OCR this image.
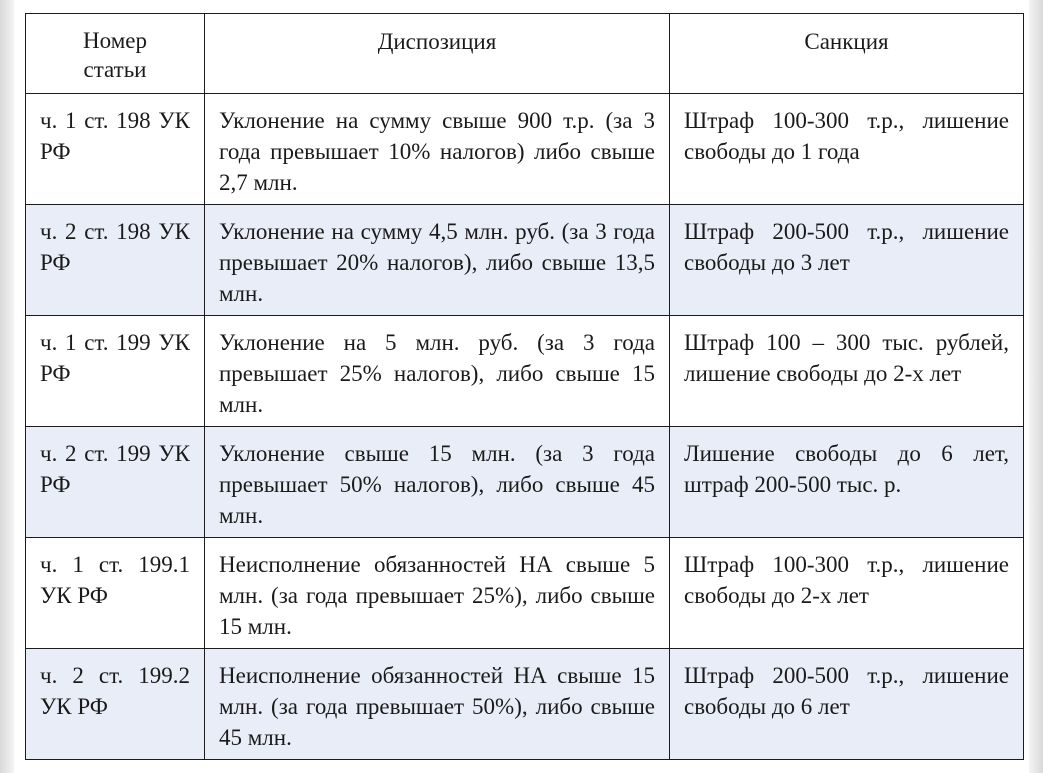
Номер
статьи	Диспозиция	Санкция
ч. 1 ст. 198 УК РФ	Уклонение на сумму свыше 900 т.р. (за 3 года превышает 10% налогов) либо свыше 2,7 млн.	Штраф 100-300 т.р., лишение свободы до 1 года
ч. 2 ст. 198 УК РФ	Уклонение на сумму 4,5 млн. руб. (за 3 года превышает 20% налогов), либо свыше 13,5 млн.	Штраф 200-500 т.р., лишение свободы до 3 лет
ч. 1 ст. 199 УК РФ	Уклонение на 5 млн. руб. (за 3 года превышает 25% налогов), либо свыше 15 млн.	Штраф 100 – 300 тыс. рублей, лишение свободы до 2-х лет
ч. 2 ст. 199 УК РФ	Уклонение свыше 15 млн. (за 3 года превышает 50% налогов), либо свыше 45 млн.	Лишение свободы до 6 лет, штраф 200-500 тыс. р.
ч. 1 ст. 199.1 УК РФ	Неисполнение обязанностей НА свыше 5 млн. (за года превышает 25%), либо свыше 15 млн.	Штраф 100-300 т.р., лишение свободы до 2-х лет
ч. 2 ст. 199.2 УК РФ	Неисполнение обязанностей НА свыше 15 млн. (за года превышает 50%), либо свыше 45 млн.	Штраф 200-500 т.р., лишение свободы до 6 лет
